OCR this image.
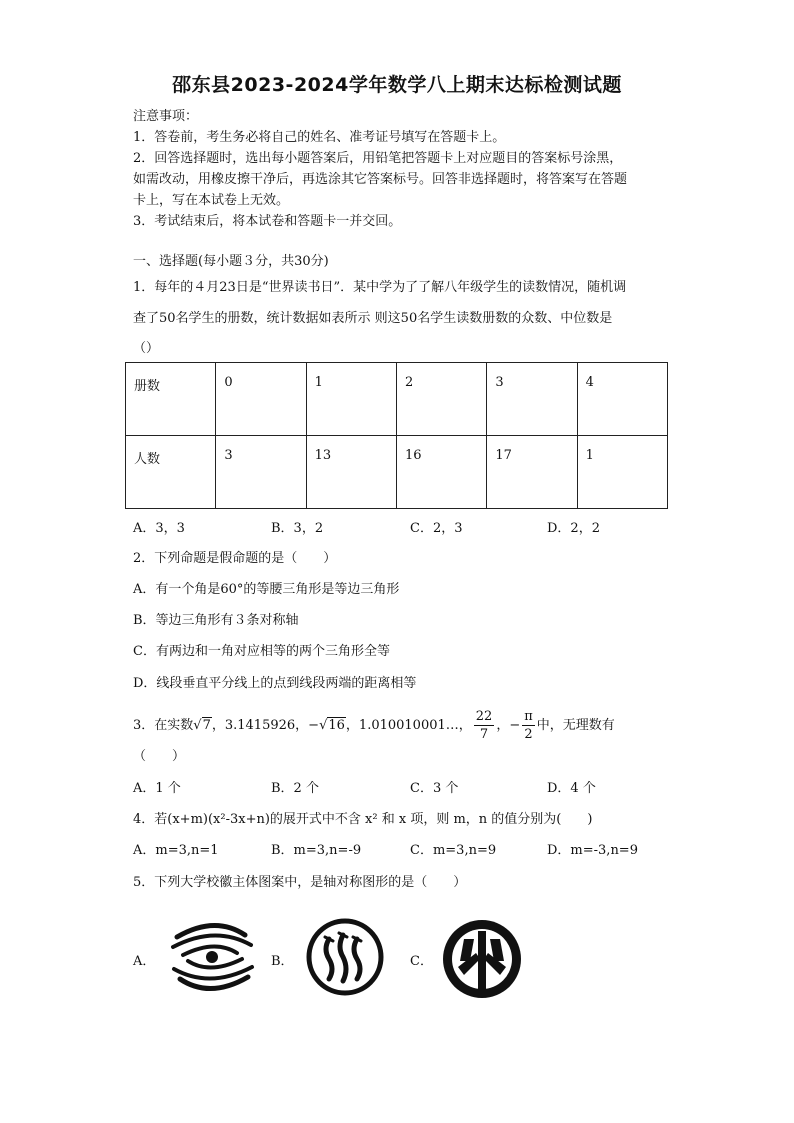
邵东县2023-2024学年数学八上期末达标检测试题
注意事项：
1．答卷前，考生务必将自己的姓名、准考证号填写在答题卡上。
2．回答选择题时，选出每小题答案后，用铅笔把答题卡上对应题目的答案标号涂黑，
如需改动，用橡皮擦干净后，再选涂其它答案标号。回答非选择题时，将答案写在答题
卡上，写在本试卷上无效。
3．考试结束后，将本试卷和答题卡一并交回。
一、选择题(每小题３分，共30分)
1．每年的４月23日是“世界读书日”．某中学为了了解八年级学生的读数情况，随机调
查了50名学生的册数，统计数据如表所示 则这50名学生读数册数的众数、中位数是
（）
册数	0	1	2	3	4
人数	3	13	16	17	1
A．3，3	B．3，2	C．2，3	D．2，2
2．下列命题是假命题的是（　　）
A．有一个角是60°的等腰三角形是等边三角形
B．等边三角形有３条对称轴
C．有两边和一角对应相等的两个三角形全等
D．线段垂直平分线上的点到线段两端的距离相等
3．在实数√7，3.1415926，−√16，1.010010001…， $\frac{22}{7}$ ，− $\frac{\pi}{2}$ 中，无理数有
（　　）
A．1 个	B．2 个	C．3 个	D．4 个
4．若(x+m)(x²-3x+n)的展开式中不含 x² 和 x 项，则 m，n 的值分别为(　　)
A．m=3,n=1	B．m=3,n=-9	C．m=3,n=9	D．m=-3,n=9
5．下列大学校徽主体图案中，是轴对称图形的是（　　）
A．	B．	C．
